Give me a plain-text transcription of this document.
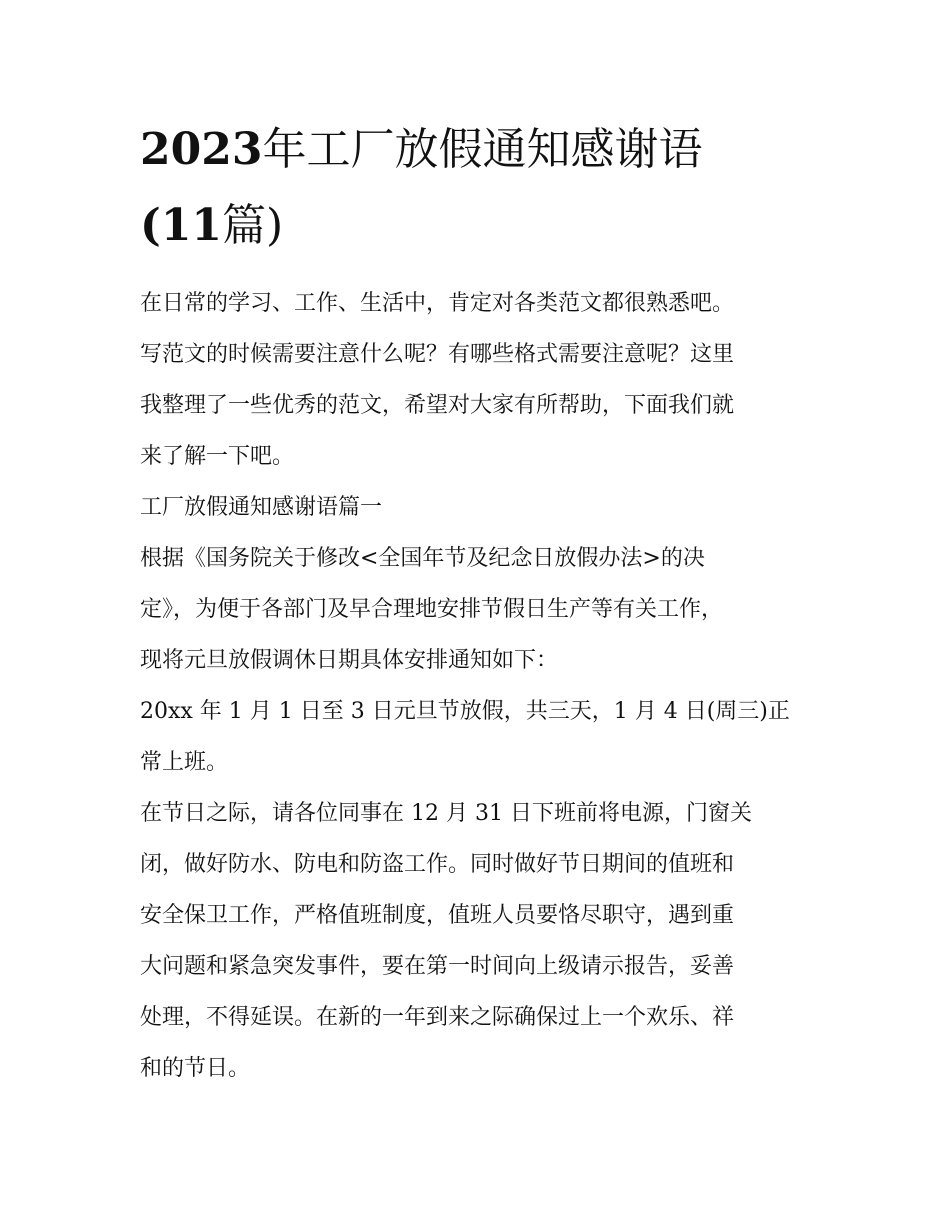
2023年工厂放假通知感谢语
(11篇)

在日常的学习、工作、生活中，肯定对各类范文都很熟悉吧。
写范文的时候需要注意什么呢？有哪些格式需要注意呢？这里
我整理了一些优秀的范文，希望对大家有所帮助，下面我们就
来了解一下吧。

工厂放假通知感谢语篇一

根据《国务院关于修改<全国年节及纪念日放假办法>的决
定》，为便于各部门及早合理地安排节假日生产等有关工作，
现将元旦放假调休日期具体安排通知如下：

20xx 年 1 月 1 日至 3 日元旦节放假，共三天，1 月 4 日(周三)正
常上班。

在节日之际，请各位同事在 12 月 31 日下班前将电源，门窗关
闭，做好防水、防电和防盗工作。同时做好节日期间的值班和
安全保卫工作，严格值班制度，值班人员要恪尽职守，遇到重
大问题和紧急突发事件，要在第一时间向上级请示报告，妥善
处理，不得延误。在新的一年到来之际确保过上一个欢乐、祥
和的节日。
